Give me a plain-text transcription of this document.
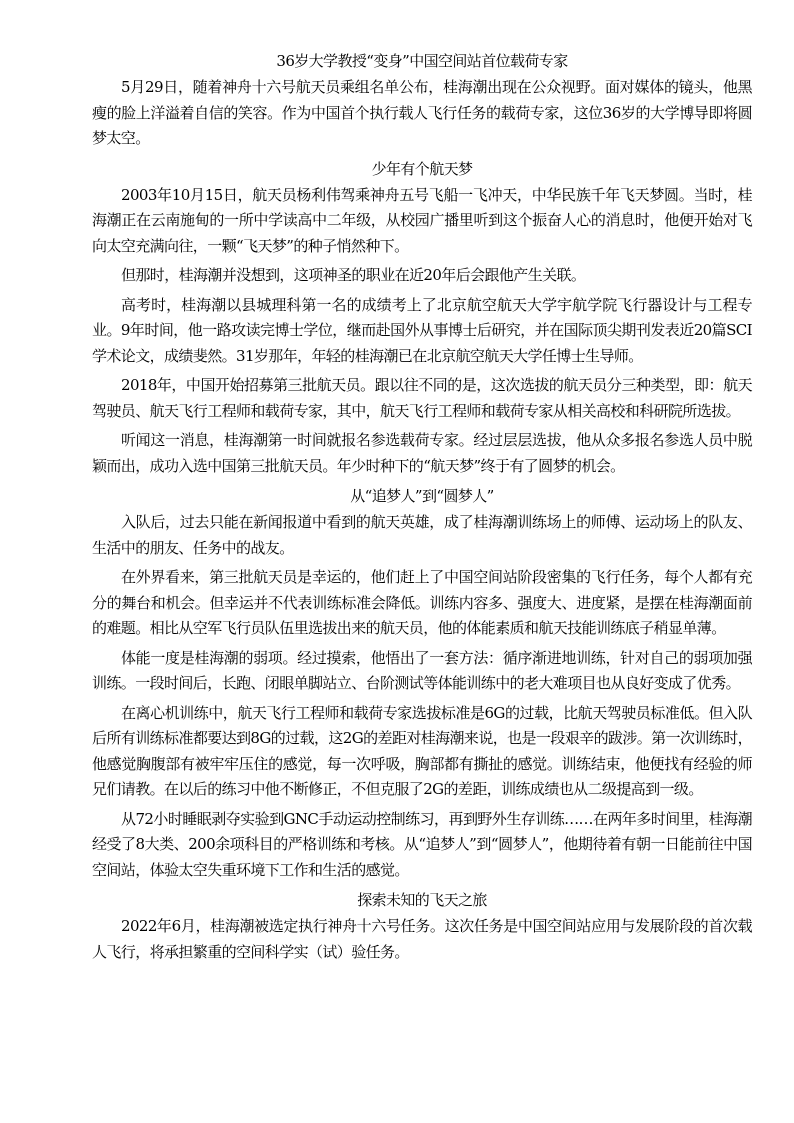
36岁大学教授“变身”中国空间站首位载荷专家

5月29日，随着神舟十六号航天员乘组名单公布，桂海潮出现在公众视野。面对媒体的镜头，他黑瘦的脸上洋溢着自信的笑容。作为中国首个执行载人飞行任务的载荷专家，这位36岁的大学博导即将圆梦太空。

少年有个航天梦

2003年10月15日，航天员杨利伟驾乘神舟五号飞船一飞冲天，中华民族千年飞天梦圆。当时，桂海潮正在云南施甸的一所中学读高中二年级，从校园广播里听到这个振奋人心的消息时，他便开始对飞向太空充满向往，一颗“飞天梦”的种子悄然种下。

但那时，桂海潮并没想到，这项神圣的职业在近20年后会跟他产生关联。

高考时，桂海潮以县城理科第一名的成绩考上了北京航空航天大学宇航学院飞行器设计与工程专业。9年时间，他一路攻读完博士学位，继而赴国外从事博士后研究，并在国际顶尖期刊发表近20篇SCI学术论文，成绩斐然。31岁那年，年轻的桂海潮已在北京航空航天大学任博士生导师。

2018年，中国开始招募第三批航天员。跟以往不同的是，这次选拔的航天员分三种类型，即：航天驾驶员、航天飞行工程师和载荷专家，其中，航天飞行工程师和载荷专家从相关高校和科研院所选拔。

听闻这一消息，桂海潮第一时间就报名参选载荷专家。经过层层选拔，他从众多报名参选人员中脱颖而出，成功入选中国第三批航天员。年少时种下的“航天梦”终于有了圆梦的机会。

从“追梦人”到“圆梦人”

入队后，过去只能在新闻报道中看到的航天英雄，成了桂海潮训练场上的师傅、运动场上的队友、生活中的朋友、任务中的战友。

在外界看来，第三批航天员是幸运的，他们赶上了中国空间站阶段密集的飞行任务，每个人都有充分的舞台和机会。但幸运并不代表训练标准会降低。训练内容多、强度大、进度紧，是摆在桂海潮面前的难题。相比从空军飞行员队伍里选拔出来的航天员，他的体能素质和航天技能训练底子稍显单薄。

体能一度是桂海潮的弱项。经过摸索，他悟出了一套方法：循序渐进地训练，针对自己的弱项加强训练。一段时间后，长跑、闭眼单脚站立、台阶测试等体能训练中的老大难项目也从良好变成了优秀。

在离心机训练中，航天飞行工程师和载荷专家选拔标准是6G的过载，比航天驾驶员标准低。但入队后所有训练标准都要达到8G的过载，这2G的差距对桂海潮来说，也是一段艰辛的跋涉。第一次训练时，他感觉胸腹部有被牢牢压住的感觉，每一次呼吸，胸部都有撕扯的感觉。训练结束，他便找有经验的师兄们请教。在以后的练习中他不断修正，不但克服了2G的差距，训练成绩也从二级提高到一级。

从72小时睡眠剥夺实验到GNC手动运动控制练习，再到野外生存训练……在两年多时间里，桂海潮经受了8大类、200余项科目的严格训练和考核。从“追梦人”到“圆梦人”，他期待着有朝一日能前往中国空间站，体验太空失重环境下工作和生活的感觉。

探索未知的飞天之旅

2022年6月，桂海潮被选定执行神舟十六号任务。这次任务是中国空间站应用与发展阶段的首次载人飞行，将承担繁重的空间科学实（试）验任务。
